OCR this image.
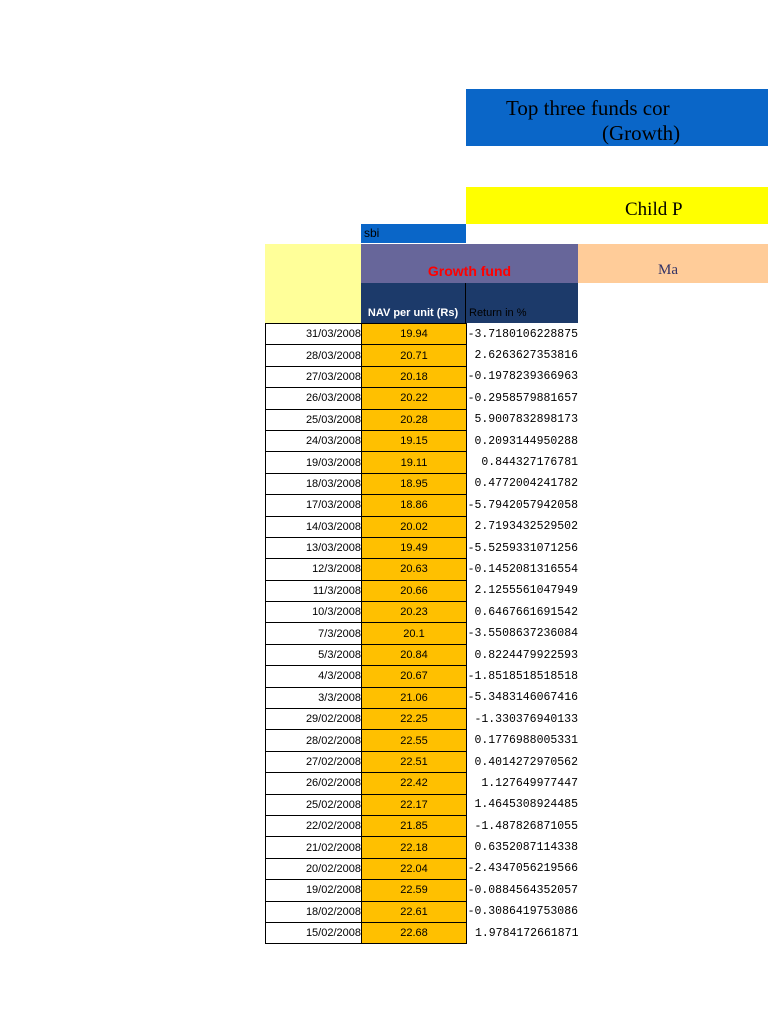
Top three funds cor
(Growth)
Child P
sbi
Date
Growth fund	Ma
NAV per unit (Rs) Return in %
31/03/2008	19.94	-3.7180106228875
28/03/2008	20.71	2.6263627353816
27/03/2008	20.18	-0.1978239366963
26/03/2008	20.22	-0.2958579881657
25/03/2008	20.28	5.9007832898173
24/03/2008	19.15	0.2093144950288
19/03/2008	19.11	0.844327176781
18/03/2008	18.95	0.4772004241782
17/03/2008	18.86	-5.7942057942058
14/03/2008	20.02	2.7193432529502
13/03/2008	19.49	-5.5259331071256
12/3/2008	20.63	-0.1452081316554
11/3/2008	20.66	2.1255561047949
10/3/2008	20.23	0.6467661691542
7/3/2008	20.1	-3.5508637236084
5/3/2008	20.84	0.8224479922593
4/3/2008	20.67	-1.8518518518518
3/3/2008	21.06	-5.3483146067416
29/02/2008	22.25	-1.330376940133
28/02/2008	22.55	0.1776988005331
27/02/2008	22.51	0.4014272970562
26/02/2008	22.42	1.127649977447
25/02/2008	22.17	1.4645308924485
22/02/2008	21.85	-1.487826871055
21/02/2008	22.18	0.6352087114338
20/02/2008	22.04	-2.4347056219566
19/02/2008	22.59	-0.0884564352057
18/02/2008	22.61	-0.3086419753086
15/02/2008	22.68	1.9784172661871
